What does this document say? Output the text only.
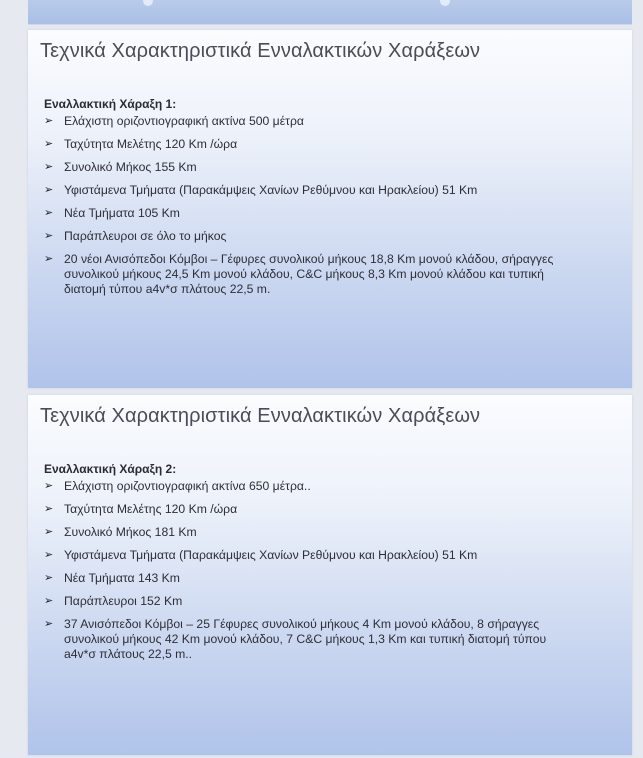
Τεχνικά Χαρακτηριστικά Ενναλακτικών Χαράξεων
Εναλλακτική Χάραξη 1:
➢ Ελάχιστη οριζοντιογραφική ακτίνα 500 μέτρα
➢ Ταχύτητα Μελέτης 120 Km /ώρα
➢ Συνολικό Μήκος 155 Km
➢ Υφιστάμενα Τμήματα (Παρακάμψεις Χανίων Ρεθύμνου και Ηρακλείου) 51 Km
➢ Νέα Τμήματα 105 Km
➢ Παράπλευροι σε όλο το μήκος
➢ 20 νέοι Ανισόπεδοι Κόμβοι – Γέφυρες συνολικού μήκους 18,8 Km μονού κλάδου, σήραγγες συνολικού μήκους 24,5 Km μονού κλάδου, C&C μήκους 8,3 Km μονού κλάδου και τυπική διατομή τύπου a4v*σ πλάτους 22,5 m.
Τεχνικά Χαρακτηριστικά Ενναλακτικών Χαράξεων
Εναλλακτική Χάραξη 2:
➢ Ελάχιστη οριζοντιογραφική ακτίνα 650 μέτρα..
➢ Ταχύτητα Μελέτης 120 Km /ώρα
➢ Συνολικό Μήκος 181 Km
➢ Υφιστάμενα Τμήματα (Παρακάμψεις Χανίων Ρεθύμνου και Ηρακλείου) 51 Km
➢ Νέα Τμήματα 143 Km
➢ Παράπλευροι 152 Km
➢ 37 Ανισόπεδοι Κόμβοι – 25 Γέφυρες συνολικού μήκους 4 Km μονού κλάδου, 8 σήραγγες συνολικού μήκους 42 Km μονού κλάδου, 7 C&C μήκους 1,3 Km και τυπική διατομή τύπου a4v*σ πλάτους 22,5 m..
